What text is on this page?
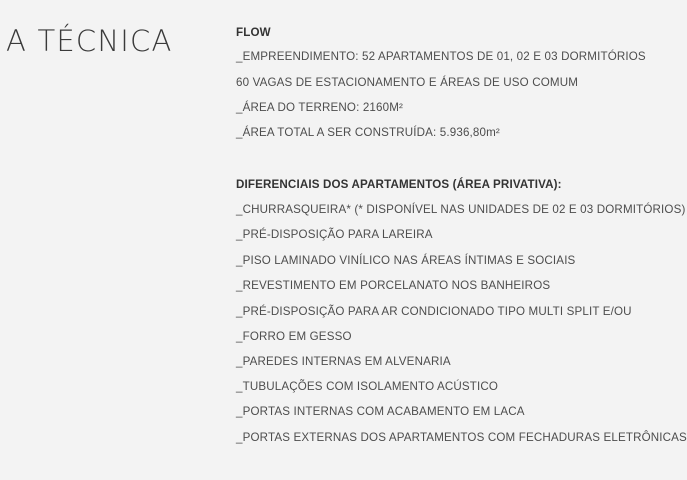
A TÉCNICA	FLOW
_EMPREENDIMENTO: 52 APARTAMENTOS DE 01, 02 E 03 DORMITÓRIOS
60 VAGAS DE ESTACIONAMENTO E ÁREAS DE USO COMUM
_ÁREA DO TERRENO: 2160M²
_ÁREA TOTAL A SER CONSTRUÍDA: 5.936,80m²
DIFERENCIAIS DOS APARTAMENTOS (ÁREA PRIVATIVA):
_CHURRASQUEIRA* (* DISPONÍVEL NAS UNIDADES DE 02 E 03 DORMITÓRIOS)
_PRÉ-DISPOSIÇÃO PARA LAREIRA
_PISO LAMINADO VINÍLICO NAS ÁREAS ÍNTIMAS E SOCIAIS
_REVESTIMENTO EM PORCELANATO NOS BANHEIROS
_PRÉ-DISPOSIÇÃO PARA AR CONDICIONADO TIPO MULTI SPLIT E/OU
_FORRO EM GESSO
_PAREDES INTERNAS EM ALVENARIA
_TUBULAÇÕES COM ISOLAMENTO ACÚSTICO
_PORTAS INTERNAS COM ACABAMENTO EM LACA
_PORTAS EXTERNAS DOS APARTAMENTOS COM FECHADURAS ELETRÔNICAS
